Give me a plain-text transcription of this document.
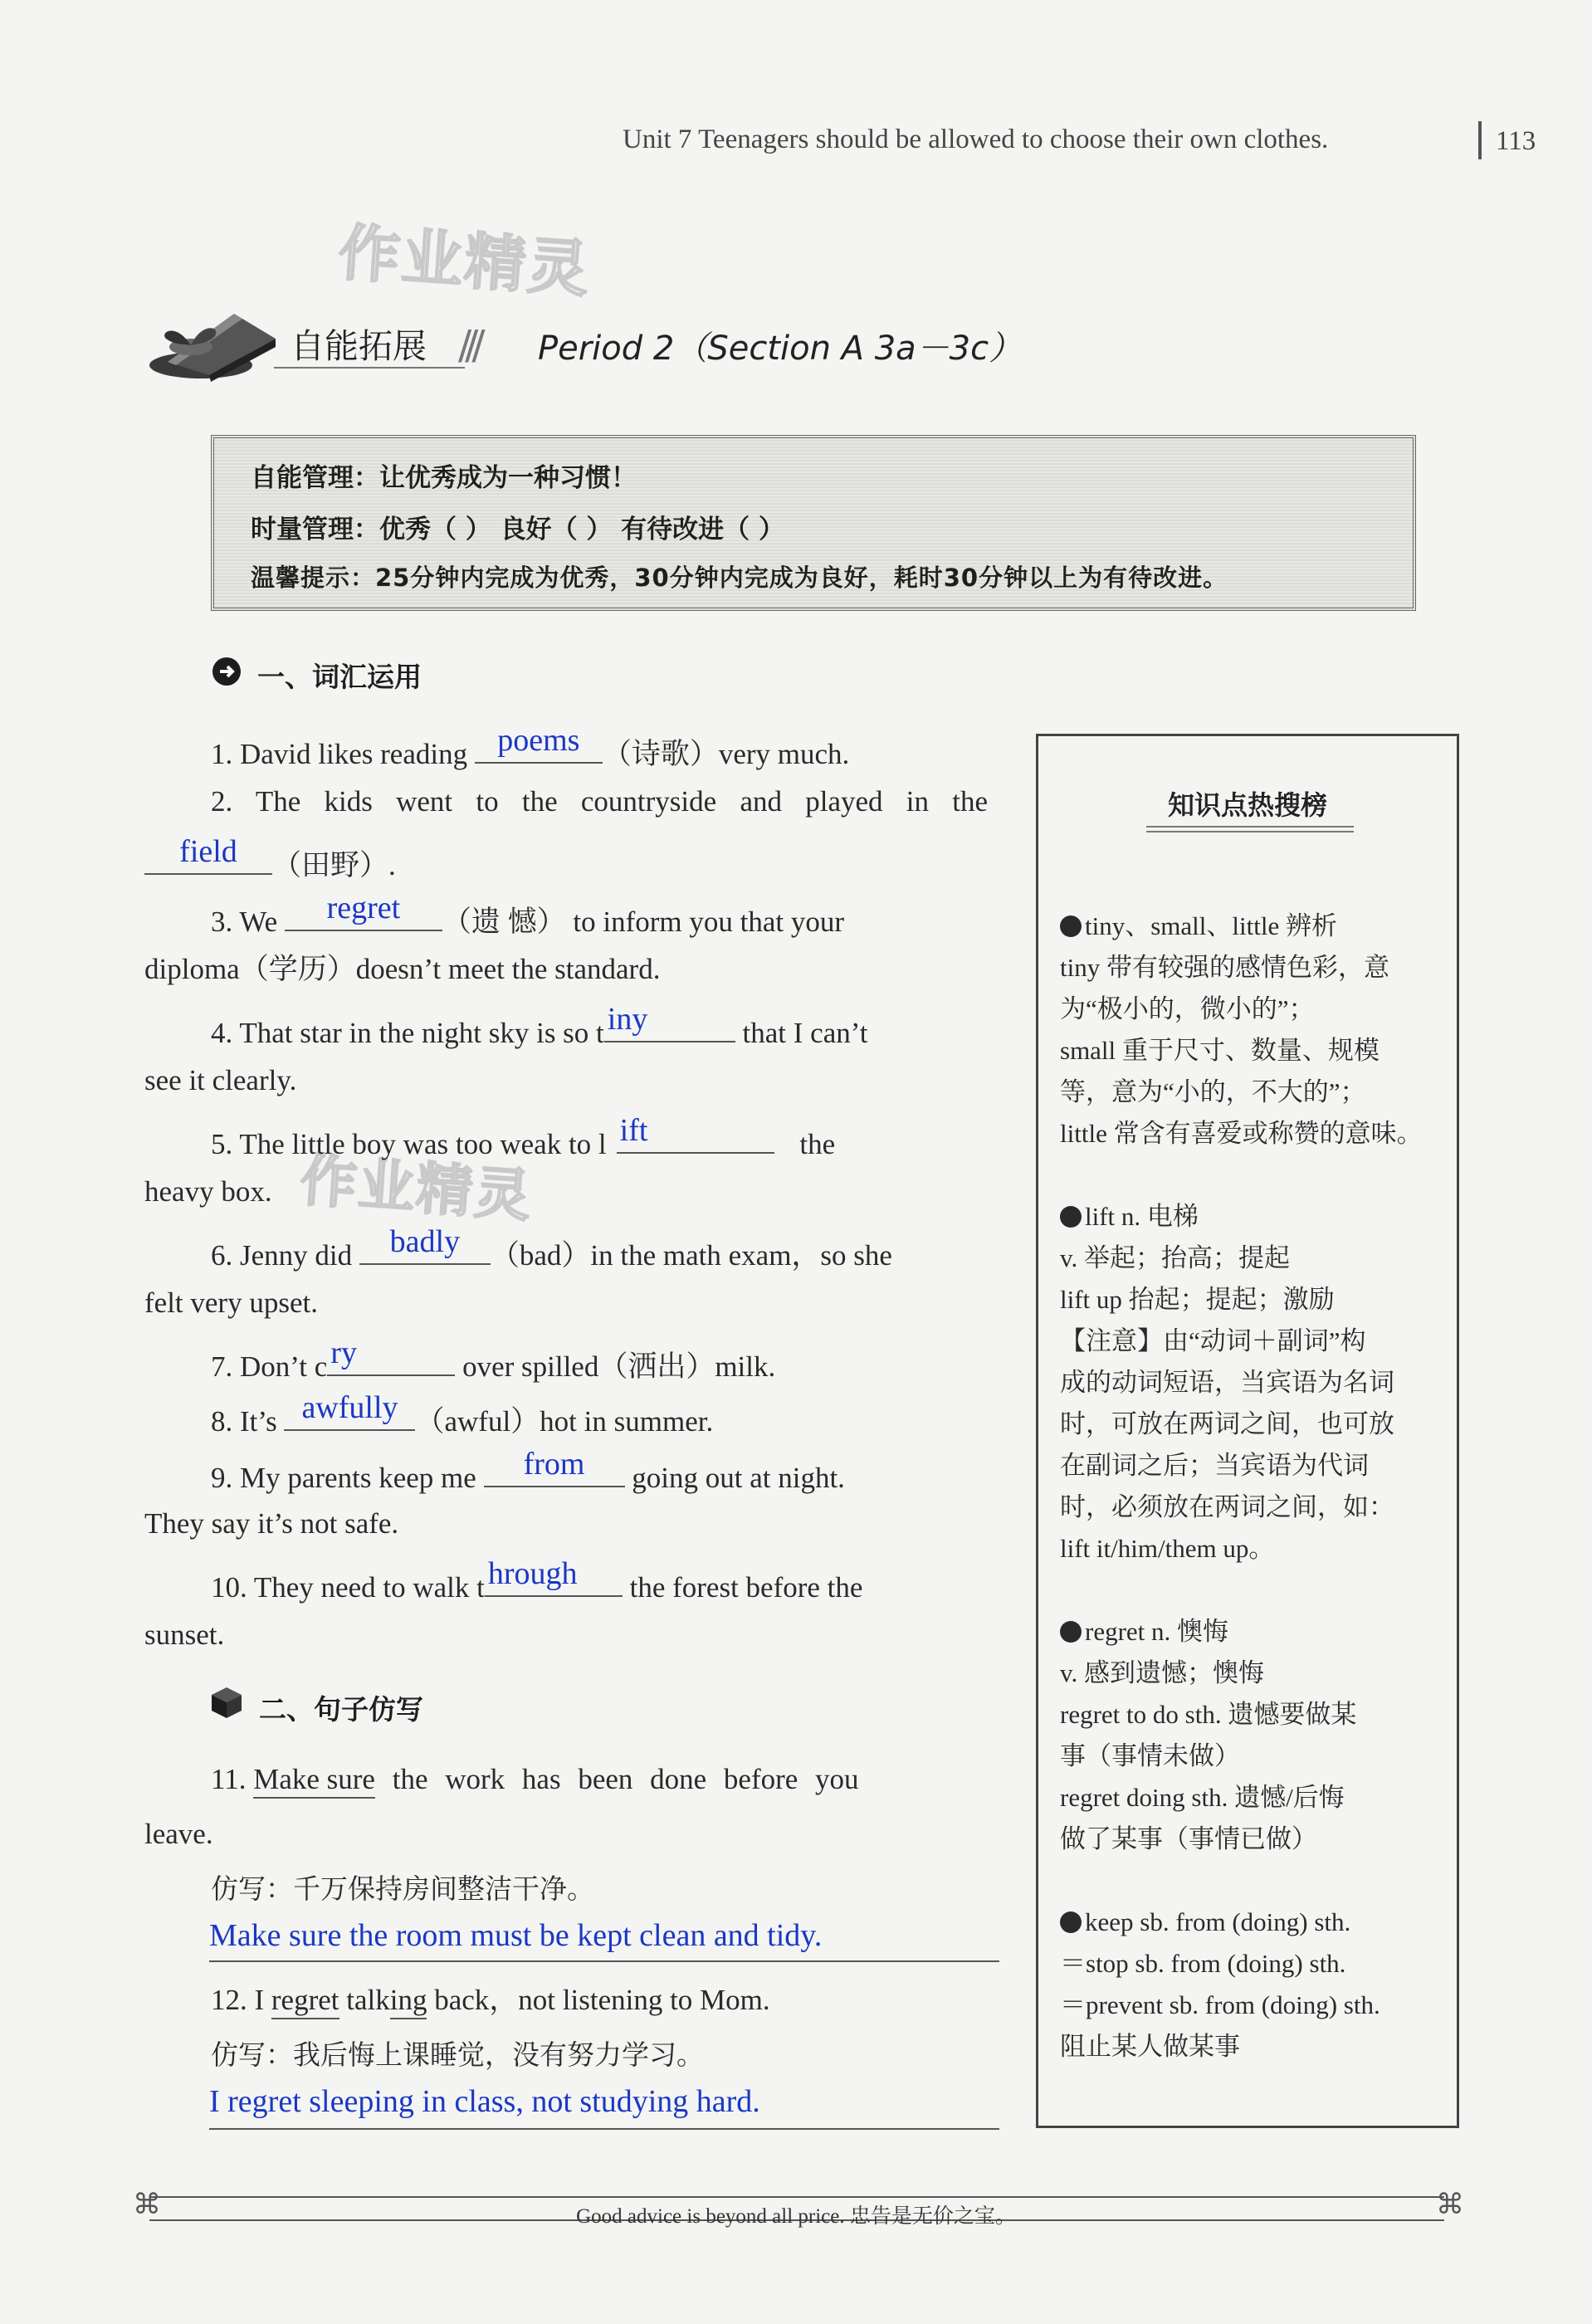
Unit 7 Teenagers should be allowed to choose their own clothes.	113
作业精灵
作业精灵
自能拓展 /// Period 2（Section A 3a－3c）
自能管理：让优秀成为一种习惯！
时量管理：优秀（ ） 良好（ ） 有待改进（ ）
温馨提示：25分钟内完成为优秀，30分钟内完成为良好，耗时30分钟以上为有待改进。
一、词汇运用
1. David likes reading poems （诗歌）very much.
2. The kids went to the countryside and played in the
field	（田野）.
3. We	regret	（遗 憾） to inform you that your
diploma（学历）doesn’t meet the standard.
4. That star in the night sky is so t iny	that I can’t
see it clearly.
5. The little boy was too weak to l ift	the
heavy box.
6. Jenny did badly	（bad）in the math exam，so she
felt very upset.
7. Don’t c ry	over spilled（洒出）milk.
8. It’s awfully （awful）hot in summer.
9. My parents keep me	from	going out at night.
They say it’s not safe.
10. They need to walk t hrough	the forest before the
sunset.
二、句子仿写
11. Make sure the work has been done before you
leave.
仿写：千万保持房间整洁干净。
Make sure the room must be kept clean and tidy.
12. I regret talking back，not listening to Mom.
仿写：我后悔上课睡觉，没有努力学习。
I regret sleeping in class, not studying hard.
知识点热搜榜

tiny、small、little 辨析

tiny 带有较强的感情色彩，意

为“极小的，微小的”；

small 重于尺寸、数量、规模

等，意为“小的，不大的”；

little 常含有喜爱或称赞的意味。

lift n. 电梯

v. 举起；抬高；提起

lift up 抬起；提起；激励

【注意】由“动词＋副词”构

成的动词短语，当宾语为名词

时，可放在两词之间，也可放

在副词之后；当宾语为代词

时，必须放在两词之间，如：

lift it/him/them up。

regret n. 懊悔

v. 感到遗憾；懊悔

regret to do sth. 遗憾要做某

事（事情未做）

regret doing sth. 遗憾/后悔

做了某事（事情已做）

keep sb. from (doing) sth.

＝stop sb. from (doing) sth.

＝prevent sb. from (doing) sth.

阻止某人做某事

⌘	⌘
Good advice is beyond all price. 忠告是无价之宝。
